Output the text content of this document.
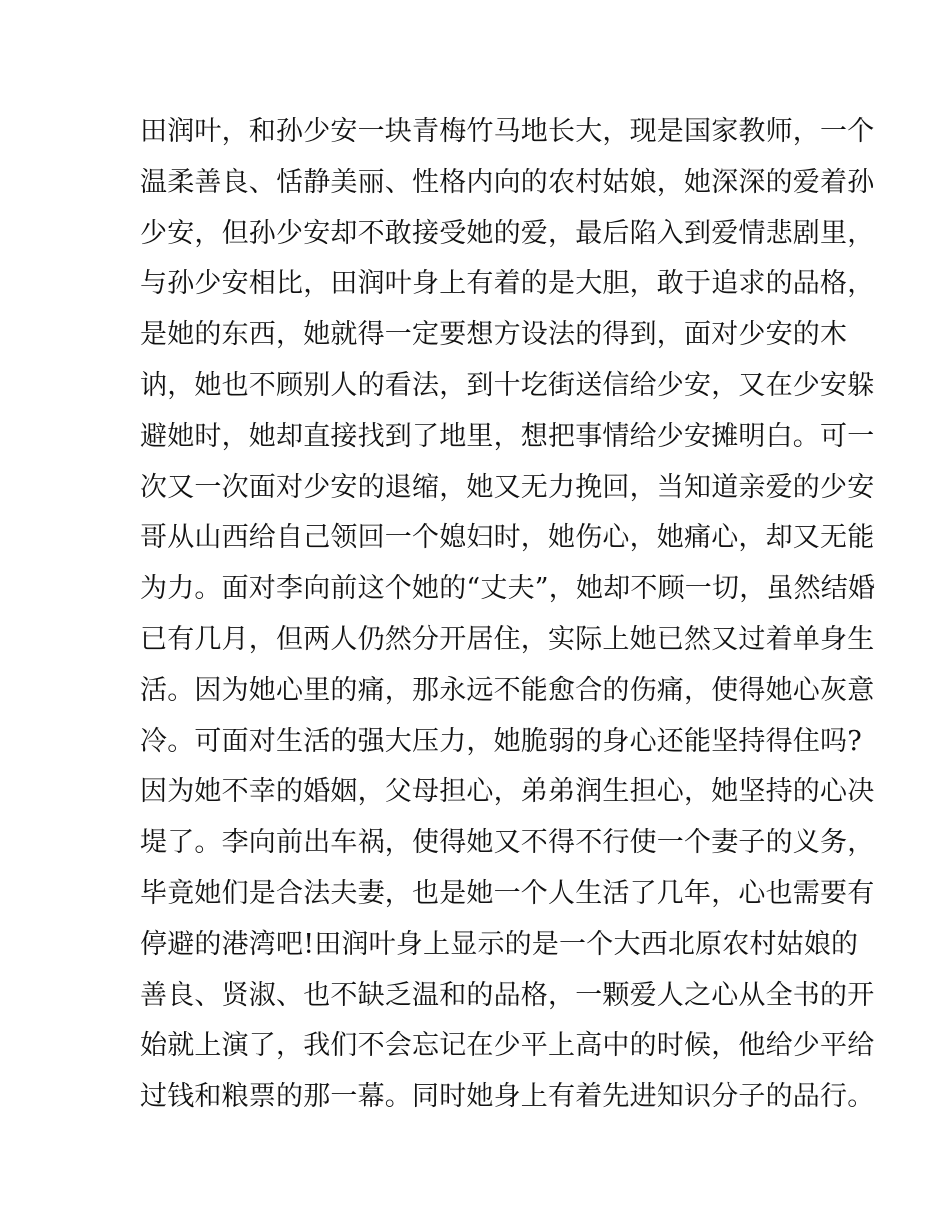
田润叶，和孙少安一块青梅竹马地长大，现是国家教师，一个
温柔善良、恬静美丽、性格内向的农村姑娘，她深深的爱着孙
少安，但孙少安却不敢接受她的爱，最后陷入到爱情悲剧里，
与孙少安相比，田润叶身上有着的是大胆，敢于追求的品格，
是她的东西，她就得一定要想方设法的得到，面对少安的木
讷，她也不顾别人的看法，到十圪街送信给少安，又在少安躲
避她时，她却直接找到了地里，想把事情给少安摊明白。可一
次又一次面对少安的退缩，她又无力挽回，当知道亲爱的少安
哥从山西给自己领回一个媳妇时，她伤心，她痛心，却又无能
为力。面对李向前这个她的“丈夫”，她却不顾一切，虽然结婚
已有几月，但两人仍然分开居住，实际上她已然又过着单身生
活。因为她心里的痛，那永远不能愈合的伤痛，使得她心灰意
冷。可面对生活的强大压力，她脆弱的身心还能坚持得住吗?
因为她不幸的婚姻，父母担心，弟弟润生担心，她坚持的心决
堤了。李向前出车祸，使得她又不得不行使一个妻子的义务，
毕竟她们是合法夫妻，也是她一个人生活了几年，心也需要有
停避的港湾吧!田润叶身上显示的是一个大西北原农村姑娘的
善良、贤淑、也不缺乏温和的品格，一颗爱人之心从全书的开
始就上演了，我们不会忘记在少平上高中的时候，他给少平给
过钱和粮票的那一幕。同时她身上有着先进知识分子的品行。
